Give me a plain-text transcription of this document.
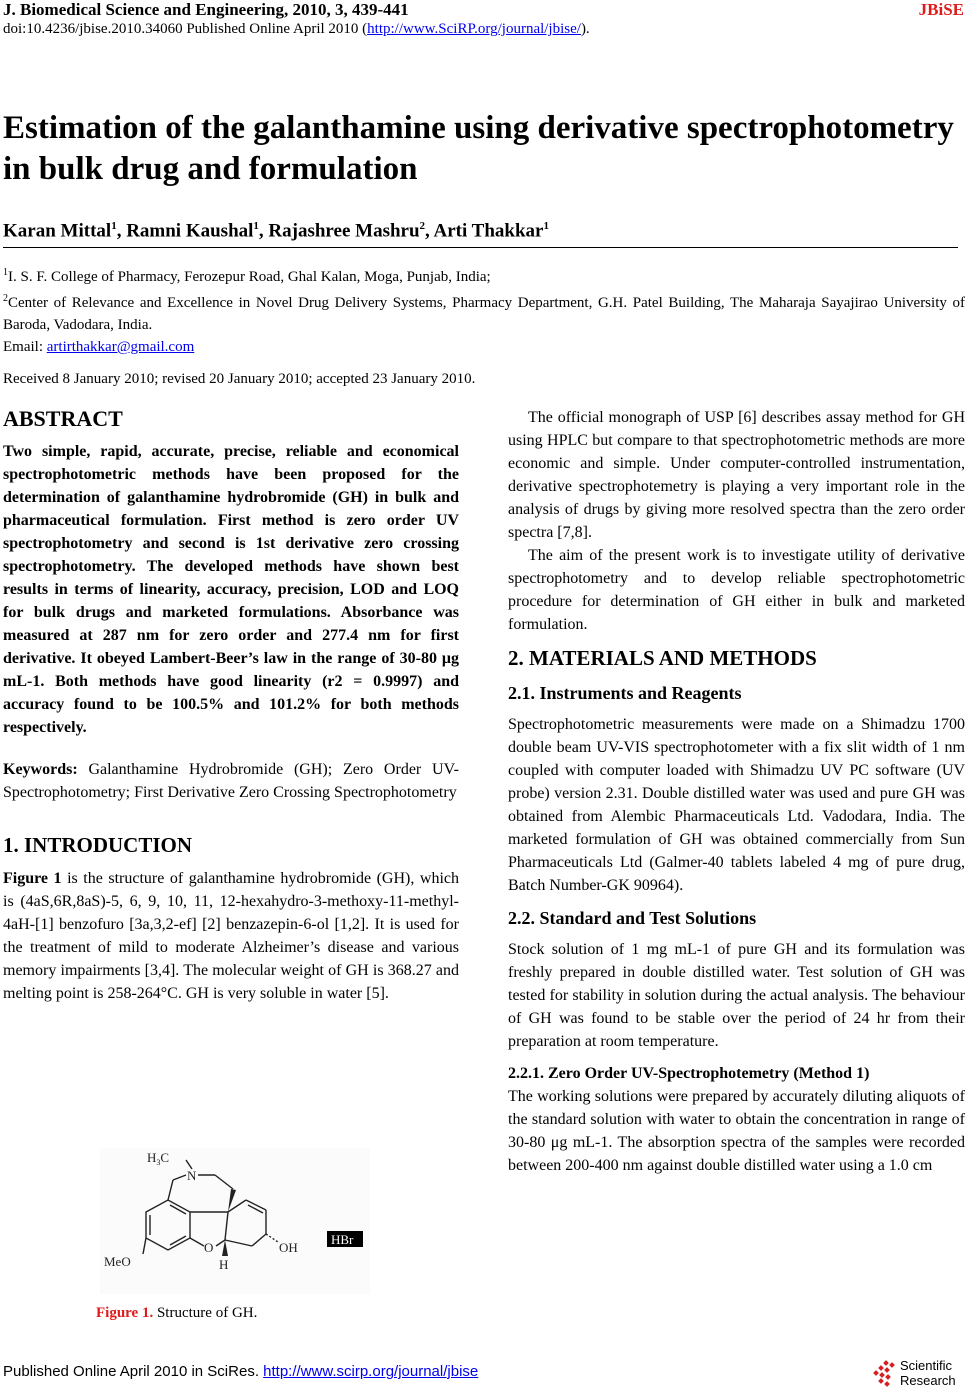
J. Biomedical Science and Engineering, 2010, 3, 439-441	JBiSE
doi:10.4236/jbise.2010.34060 Published Online April 2010 (http://www.SciRP.org/journal/jbise/).
Estimation of the galanthamine using derivative spectrophotometry in bulk drug and formulation
Karan Mittal$^1$, Ramni Kaushal$^1$, Rajashree Mashru$^2$, Arti Thakkar$^1$
$^1$I. S. F. College of Pharmacy, Ferozepur Road, Ghal Kalan, Moga, Punjab, India;
$^2$Center of Relevance and Excellence in Novel Drug Delivery Systems, Pharmacy Department, G.H. Patel Building, The Maharaja Sayajirao University of Baroda, Vadodara, India.
Email: artirthakkar@gmail.com
Received 8 January 2010; revised 20 January 2010; accepted 23 January 2010.
ABSTRACT

Two simple, rapid, accurate, precise, reliable and economical spectrophotometric methods have been proposed for the determination of galanthamine hydrobromide (GH) in bulk and pharmaceutical formulation. First method is zero order UV spectrophotometry and second is 1st derivative zero crossing spectrophotometry. The developed methods have shown best results in terms of linearity, accuracy, precision, LOD and LOQ for bulk drugs and marketed formulations. Absorbance was measured at 287 nm for zero order and 277.4 nm for first derivative. It obeyed Lambert-Beer’s law in the range of 30-80 μg mL-1. Both methods have good linearity (r2 = 0.9997) and accuracy found to be 100.5% and 101.2% for both methods respectively.

Keywords: Galanthamine Hydrobromide (GH); Zero Order UV-Spectrophotometry; First Derivative Zero Crossing Spectrophotometry

1. INTRODUCTION

Figure 1 is the structure of galanthamine hydrobromide (GH), which is (4aS,6R,8aS)-5, 6, 9, 10, 11, 12-hexahydro-3-methoxy-11-methyl-4aH-[1] benzofuro [3a,3,2-ef] [2] benzazepin-6-ol [1,2]. It is used for the treatment of mild to moderate Alzheimer’s disease and various memory impairments [3,4]. The molecular weight of GH is 368.27 and melting point is 258-264°C. GH is very soluble in water [5].

$H_3C$
N
O
H
OH
MeO
HBr
Figure 1. Structure of GH.

The official monograph of USP [6] describes assay method for GH using HPLC but compare to that spectrophotometric methods are more economic and simple. Under computer-controlled instrumentation, derivative spectrophotemetry is playing a very important role in the analysis of drugs by giving more resolved spectra than the zero order spectra [7,8].

The aim of the present work is to investigate utility of derivative spectrophotometry and to develop reliable spectrophotometric procedure for determination of GH either in bulk and marketed formulation.

2. MATERIALS AND METHODS
2.1. Instruments and Reagents

Spectrophotometric measurements were made on a Shimadzu 1700 double beam UV-VIS spectrophotometer with a fix slit width of 1 nm coupled with computer loaded with Shimadzu UV PC software (UV probe) version 2.31. Double distilled water was used and pure GH was obtained from Alembic Pharmaceuticals Ltd. Vadodara, India. The marketed formulation of GH was obtained commercially from Sun Pharmaceuticals Ltd (Galmer-40 tablets labeled 4 mg of pure drug, Batch Number-GK 90964).

2.2. Standard and Test Solutions

Stock solution of 1 mg mL-1 of pure GH and its formulation was freshly prepared in double distilled water. Test solution of GH was tested for stability in solution during the actual analysis. The behaviour of GH was found to be stable over the period of 24 hr from their preparation at room temperature.

2.2.1. Zero Order UV-Spectrophotemetry (Method 1)

The working solutions were prepared by accurately diluting aliquots of the standard solution with water to obtain the concentration in range of 30-80 μg mL-1. The absorption spectra of the samples were recorded between 200-400 nm against double distilled water using a 1.0 cm

Published Online April 2010 in SciRes. http://www.scirp.org/journal/jbise	Scientific
Research
